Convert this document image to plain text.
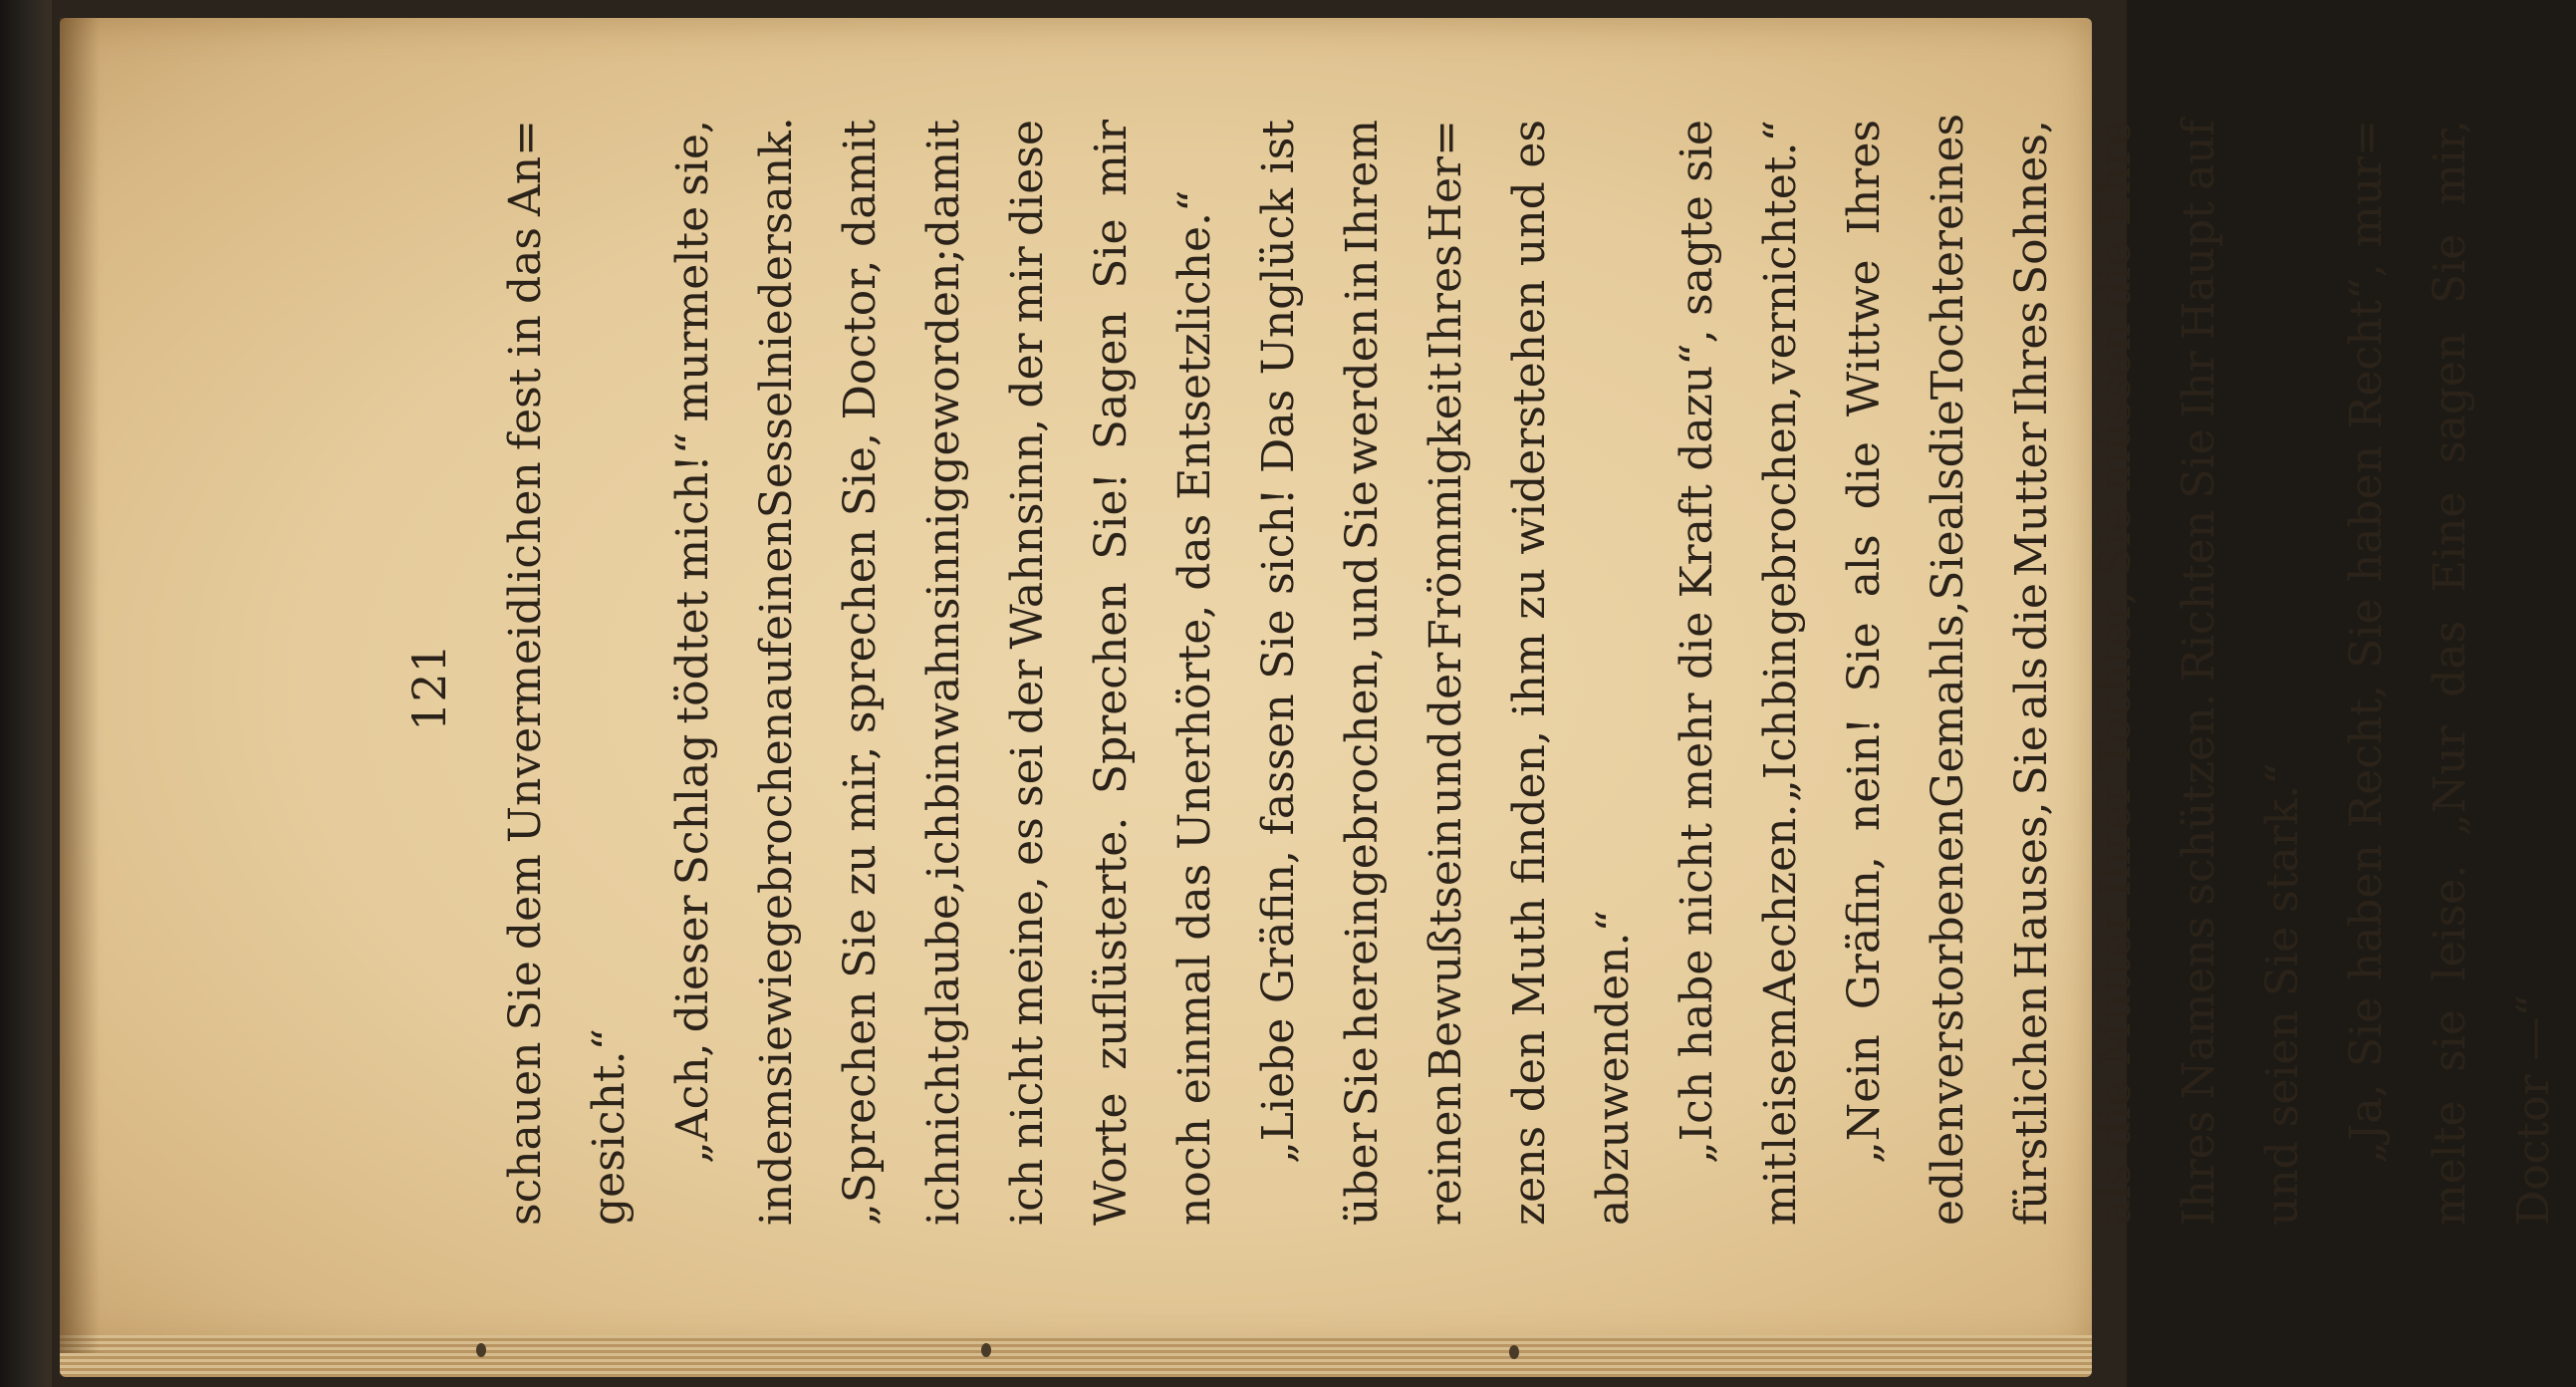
121
schauen
Sie
dem
Unvermeidlichen
fest
in
das
An=
gesicht.“ „Ach,
dieser
Schlag
tödtet
mich!“
murmelte
sie,
indem
sie
wie
gebrochen
auf
einen
Sessel
niedersank.
„Sprechen
Sie
zu
mir,
sprechen
Sie,
Doctor,
damit
ich
nicht
glaube,
ich
bin
wahnsinnig
geworden;
damit
ich
nicht
meine,
es
sei
der
Wahnsinn,
der
mir
diese
Worte
zuflüsterte.
Sprechen
Sie!
Sagen
Sie
mir
noch einmal das Unerhörte, das Entsetzliche.“ „Liebe
Gräfin,
fassen
Sie
sich!
Das
Unglück
ist
über
Sie
hereingebrochen,
und
Sie
werden
in
Ihrem
reinen
Bewußtsein
und
der
Frömmigkeit
Ihres
Her=
zens
den
Muth
finden,
ihm
zu
widerstehen
und
es
abzuwenden.“ „Ich
habe
nicht
mehr
die
Kraft
dazu“,
sagte
sie
mit
leisem
Aechzen.
„Ich
bin
gebrochen,
vernichtet.“
„Nein
Gräfin,
nein!
Sie
als
die
Wittwe
Ihres
edlen
verstorbenen
Gemahls,
Sie
als
die
Tochter
eines
fürstlichen
Hauses,
Sie
als
die
Mutter
Ihres
Sohnes,
als
die
Mutter
Ihrer
Tochter,
Sie
müssen
die
Ehre
Ihres
Namens
schützen.
Richten
Sie
Ihr
Haupt
auf
und seien Sie stark.“ „Ja,
Sie
haben
Recht,
Sie
haben
Recht“,
mur=
melte
sie
leise.
„Nur
das
Eine
sagen
Sie
mir,
Doctor —“
